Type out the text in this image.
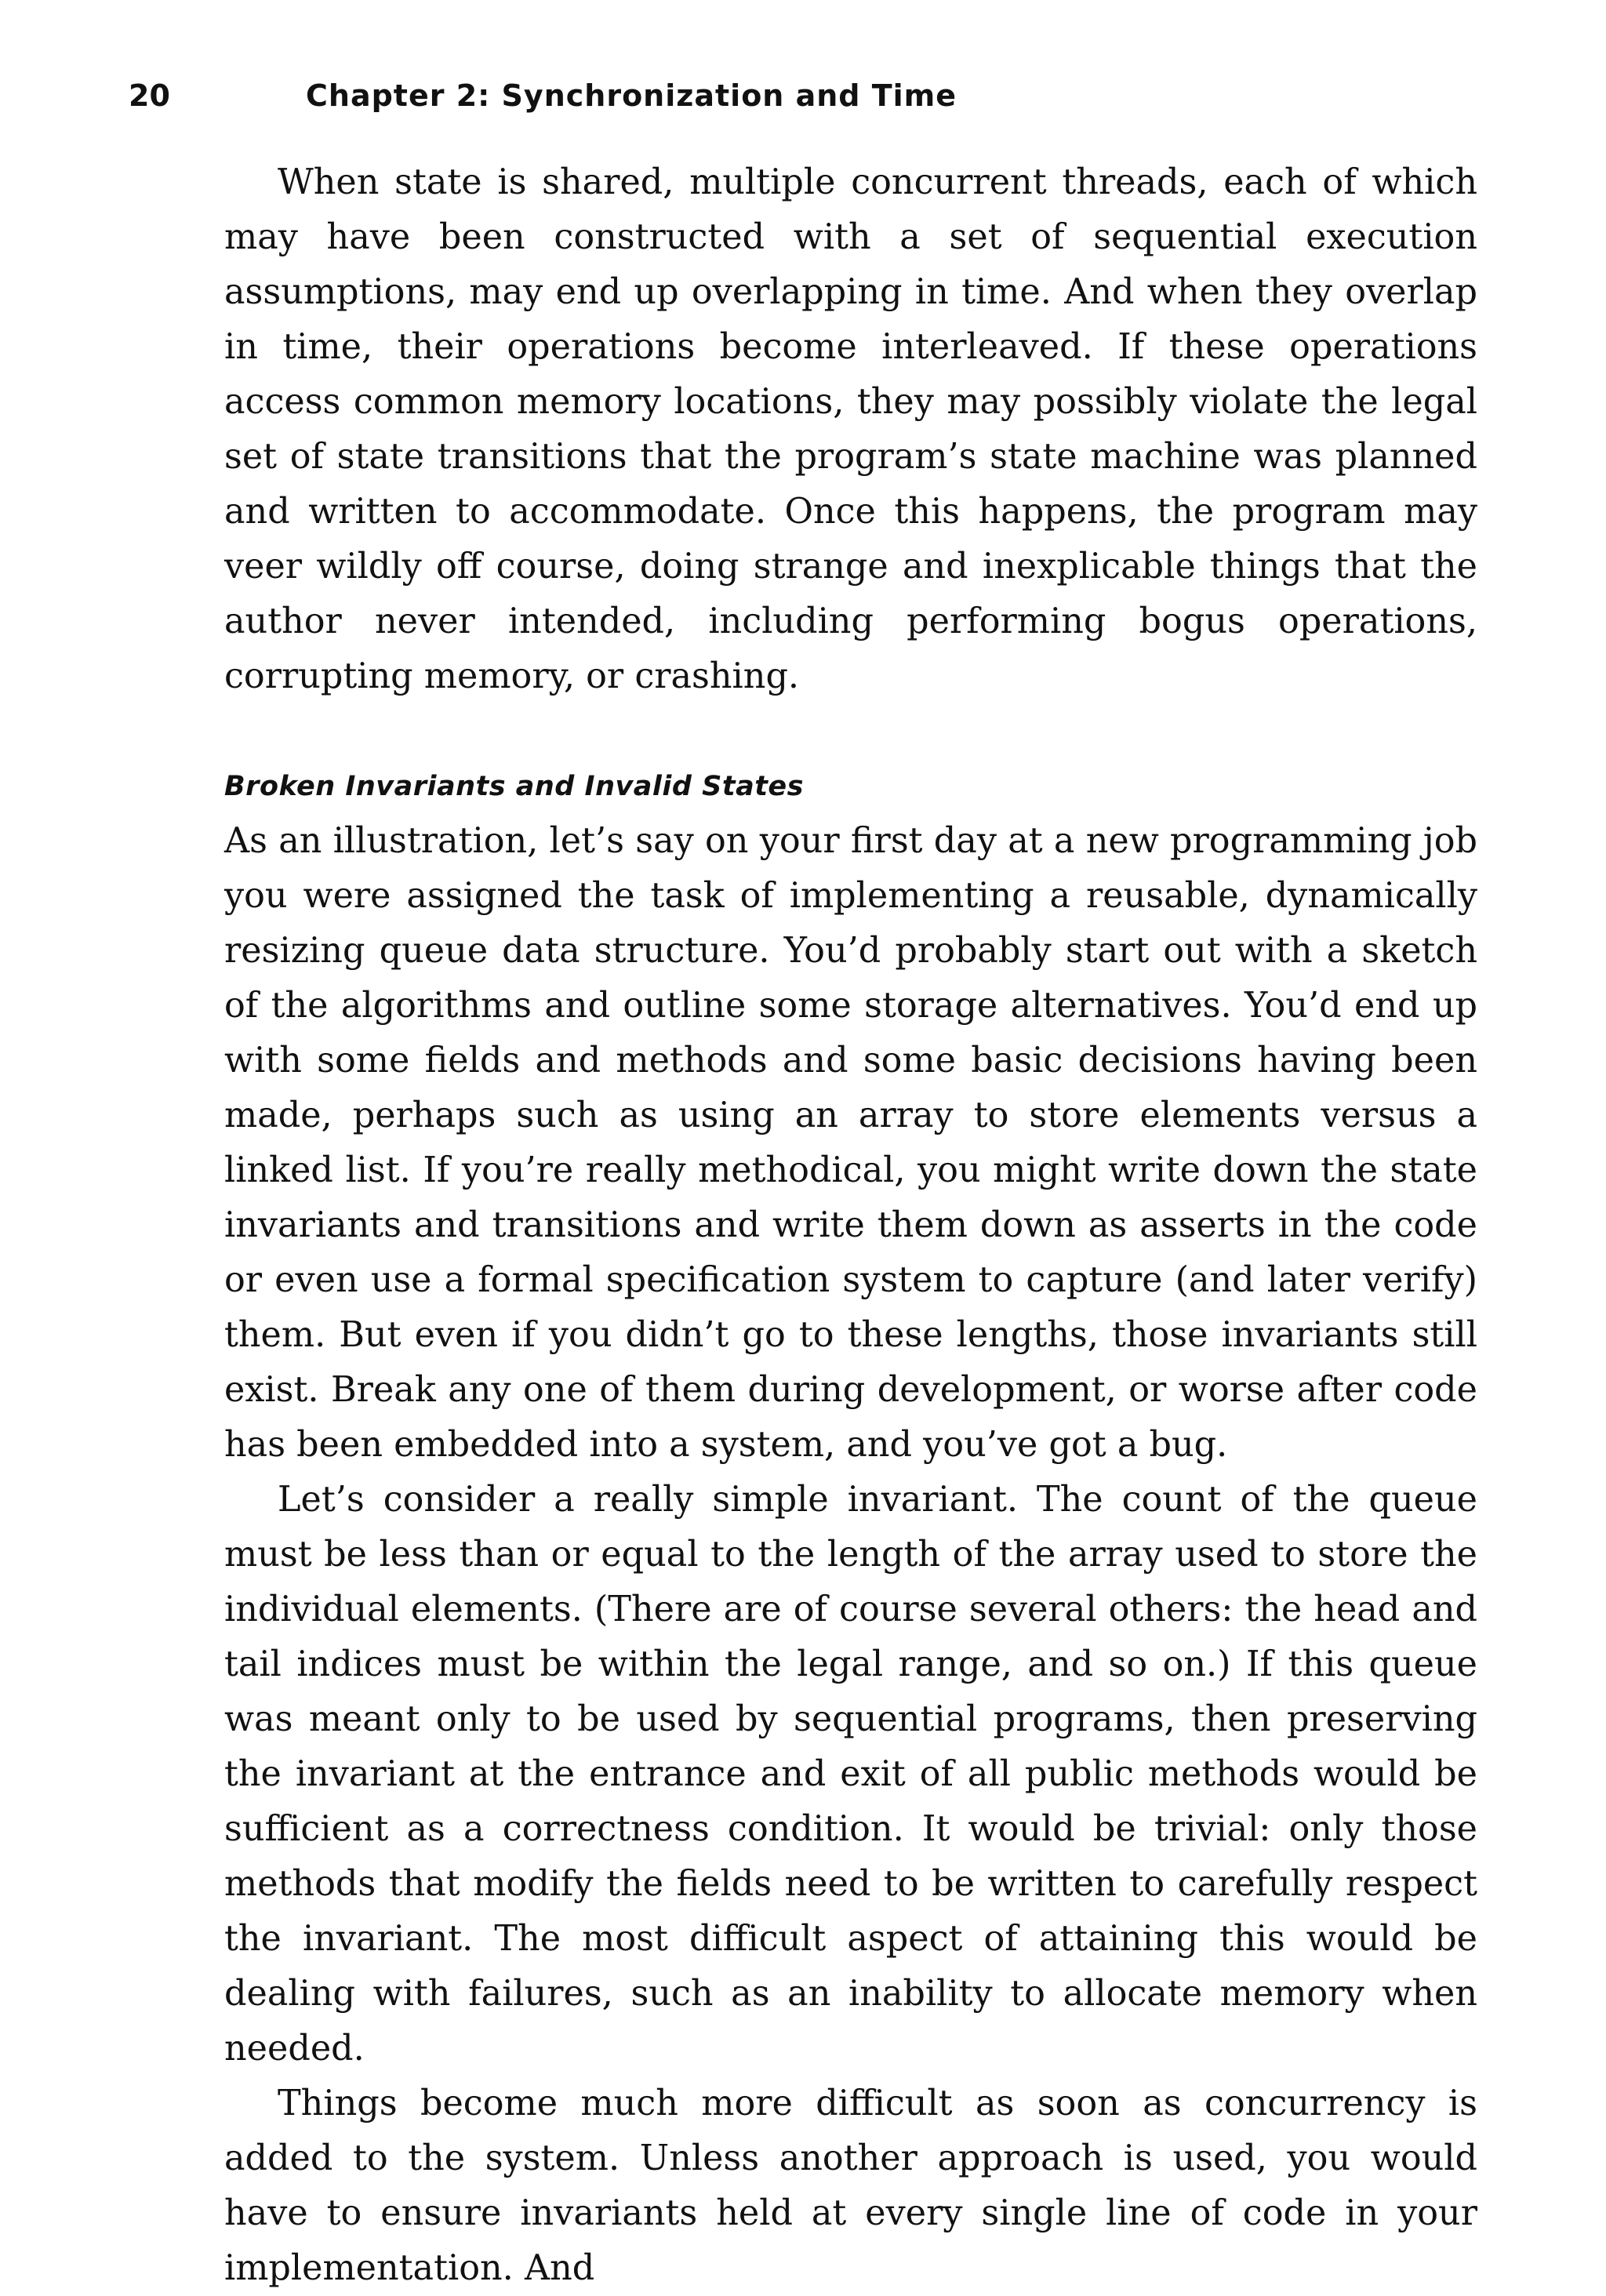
20	Chapter 2: Synchronization and Time

When state is shared, multiple concurrent threads, each of which may have been constructed with a set of sequential execution assumptions, may end up overlapping in time. And when they overlap in time, their operations become interleaved. If these operations access common memory locations, they may possibly violate the legal set of state transitions that the program’s state machine was planned and written to accommodate. Once this happens, the program may veer wildly off course, doing strange and inexplicable things that the author never intended, including performing bogus operations, corrupting memory, or crashing.

Broken Invariants and Invalid States

As an illustration, let’s say on your first day at a new programming job you were assigned the task of implementing a reusable, dynamically resizing queue data structure. You’d probably start out with a sketch of the algorithms and outline some storage alternatives. You’d end up with some fields and methods and some basic decisions having been made, perhaps such as using an array to store elements versus a linked list. If you’re really methodical, you might write down the state invariants and transitions and write them down as asserts in the code or even use a formal specification system to capture (and later verify) them. But even if you didn’t go to these lengths, those invariants still exist. Break any one of them during development, or worse after code has been embedded into a system, and you’ve got a bug.

Let’s consider a really simple invariant. The count of the queue must be less than or equal to the length of the array used to store the individual elements. (There are of course several others: the head and tail indices must be within the legal range, and so on.) If this queue was meant only to be used by sequential programs, then preserving the invariant at the entrance and exit of all public methods would be sufficient as a correctness condition. It would be trivial: only those methods that modify the fields need to be written to carefully respect the invariant. The most difficult aspect of attaining this would be dealing with failures, such as an inability to allocate memory when needed.

Things become much more difficult as soon as concurrency is added to the system. Unless another approach is used, you would have to ensure invariants held at every single line of code in your implementation. And
